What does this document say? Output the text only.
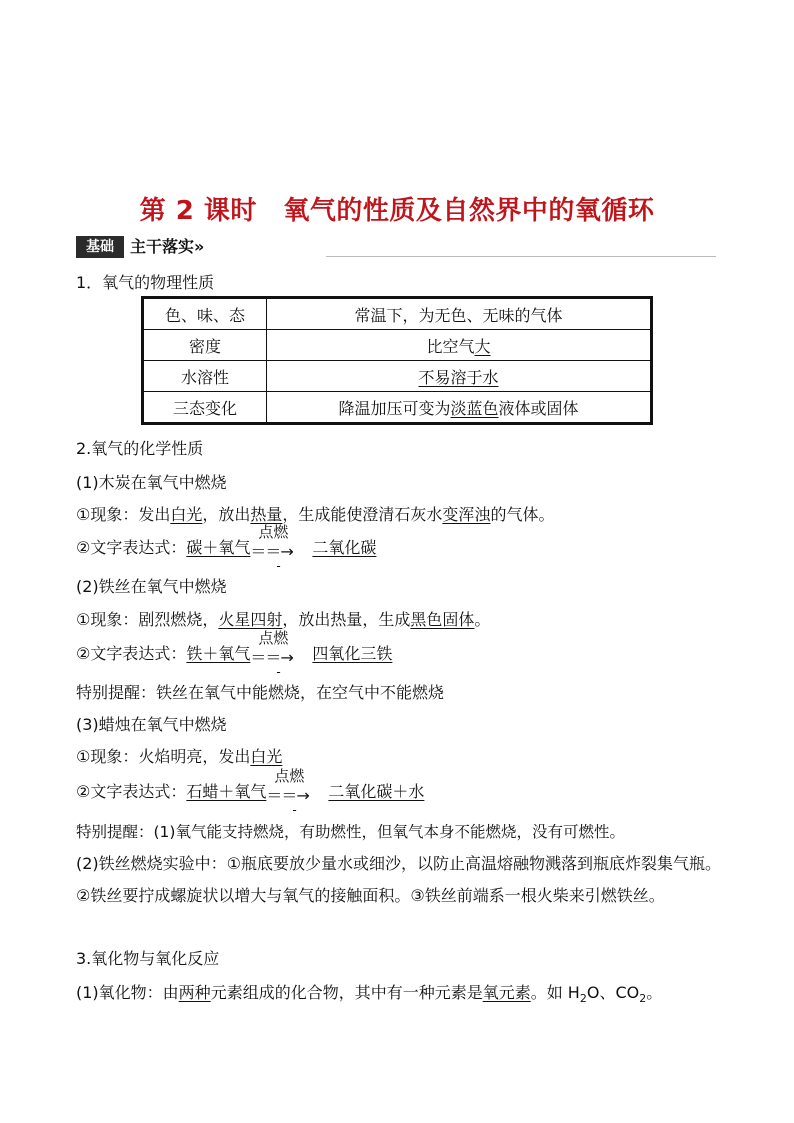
第 2 课时　氧气的性质及自然界中的氧循环
基础	主干落实»
1．氧气的物理性质
色、味、态	常温下，为无色、无味的气体
密度	比空气大
水溶性	不易溶于水
三态变化	降温加压可变为淡蓝色液体或固体
2.氧气的化学性质
(1)木炭在氧气中燃烧
①现象：发出白光，放出热量，生成能使澄清石灰水变浑浊的气体。
②文字表达式：碳＋氧气
点燃
＝＝→
-
二氧化碳
(2)铁丝在氧气中燃烧
①现象：剧烈燃烧，火星四射，放出热量，生成黑色固体。
②文字表达式：铁＋氧气
点燃
＝＝→
-
四氧化三铁
特别提醒：铁丝在氧气中能燃烧，在空气中不能燃烧
(3)蜡烛在氧气中燃烧
①现象：火焰明亮，发出白光
②文字表达式：石蜡＋氧气
点燃
＝＝→
-
二氧化碳＋水
特别提醒：(1)氧气能支持燃烧，有助燃性，但氧气本身不能燃烧，没有可燃性。
(2)铁丝燃烧实验中：①瓶底要放少量水或细沙，以防止高温熔融物溅落到瓶底炸裂集气瓶。②铁丝要拧成螺旋状以增大与氧气的接触面积。③铁丝前端系一根火柴来引燃铁丝。
3.氧化物与氧化反应
(1)氧化物：由两种元素组成的化合物，其中有一种元素是氧元素。如 $H_2O$、$CO_2$。
